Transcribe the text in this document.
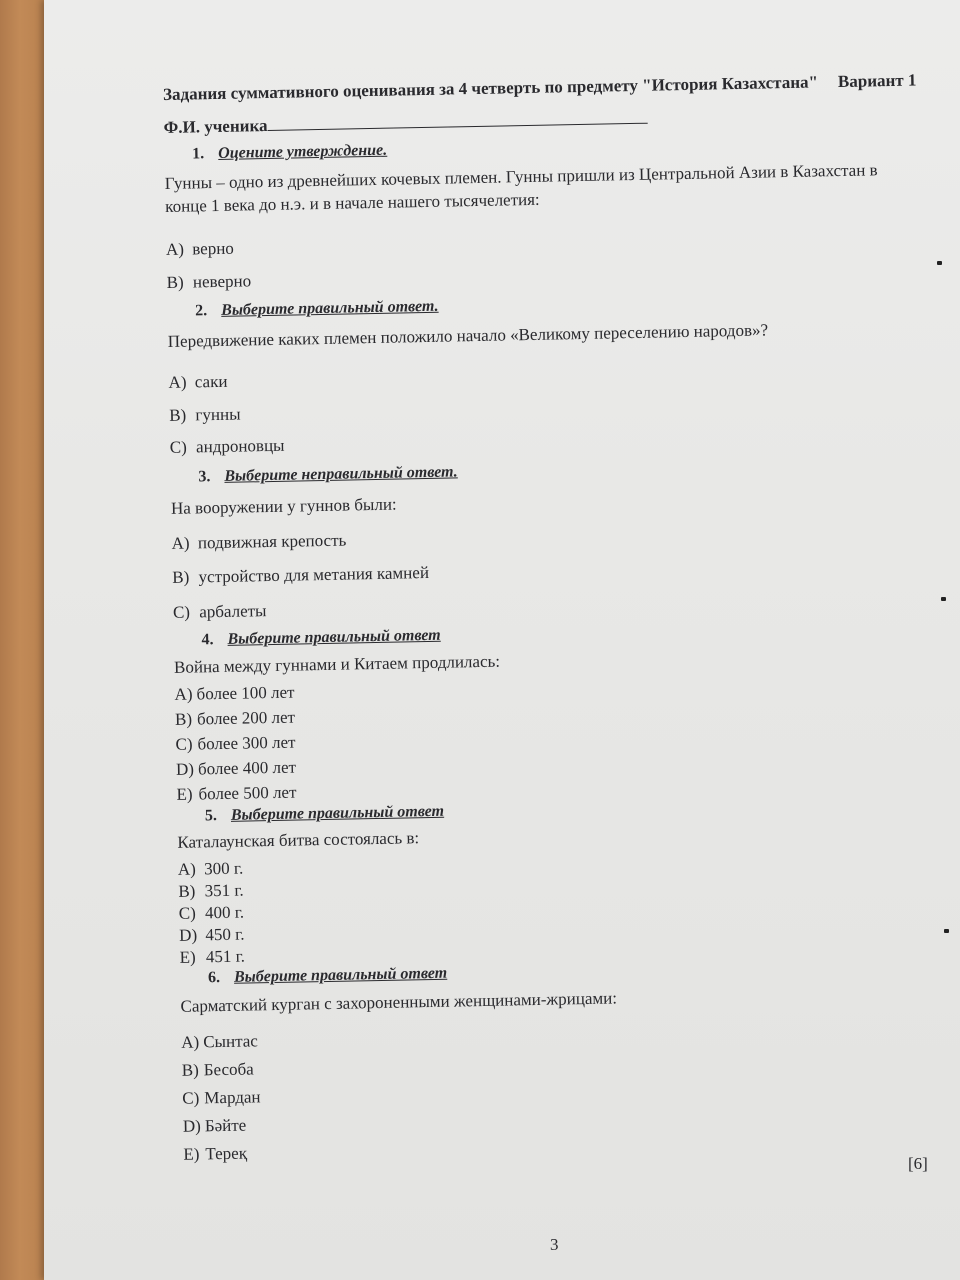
Задания суммативного оценивания за 4 четверть по предмету "История Казахстана" Вариант 1
Ф.И. ученика
1. Оцените утверждение.
Гунны – одно из древнейших кочевых племен. Гунны пришли из Центральной Азии в Казахстан в
конце 1 века до н.э. и в начале нашего тысячелетия:
A) верно
B) неверно
2. Выберите правильный ответ.
Передвижение каких племен положило начало «Великому переселению народов»?
A) саки
B) гунны
C) андроновцы
3. Выберите неправильный ответ.
На вооружении у гуннов были:
A) подвижная крепость
B) устройство для метания камней
C) арбалеты
4. Выберите правильный ответ
Война между гуннами и Китаем продлилась:
A) более 100 лет
B) более 200 лет
C) более 300 лет
D) более 400 лет
E) более 500 лет
5. Выберите правильный ответ
Каталаунская битва состоялась в:
A) 300 г.
B) 351 г.
C) 400 г.
D) 450 г.
E) 451 г.
6. Выберите правильный ответ
Сарматский курган с захороненными женщинами-жрицами:
A) Сынтас
B) Бесоба
C) Мардан
D) Бәйте
E) Тереқ
[6]
3
